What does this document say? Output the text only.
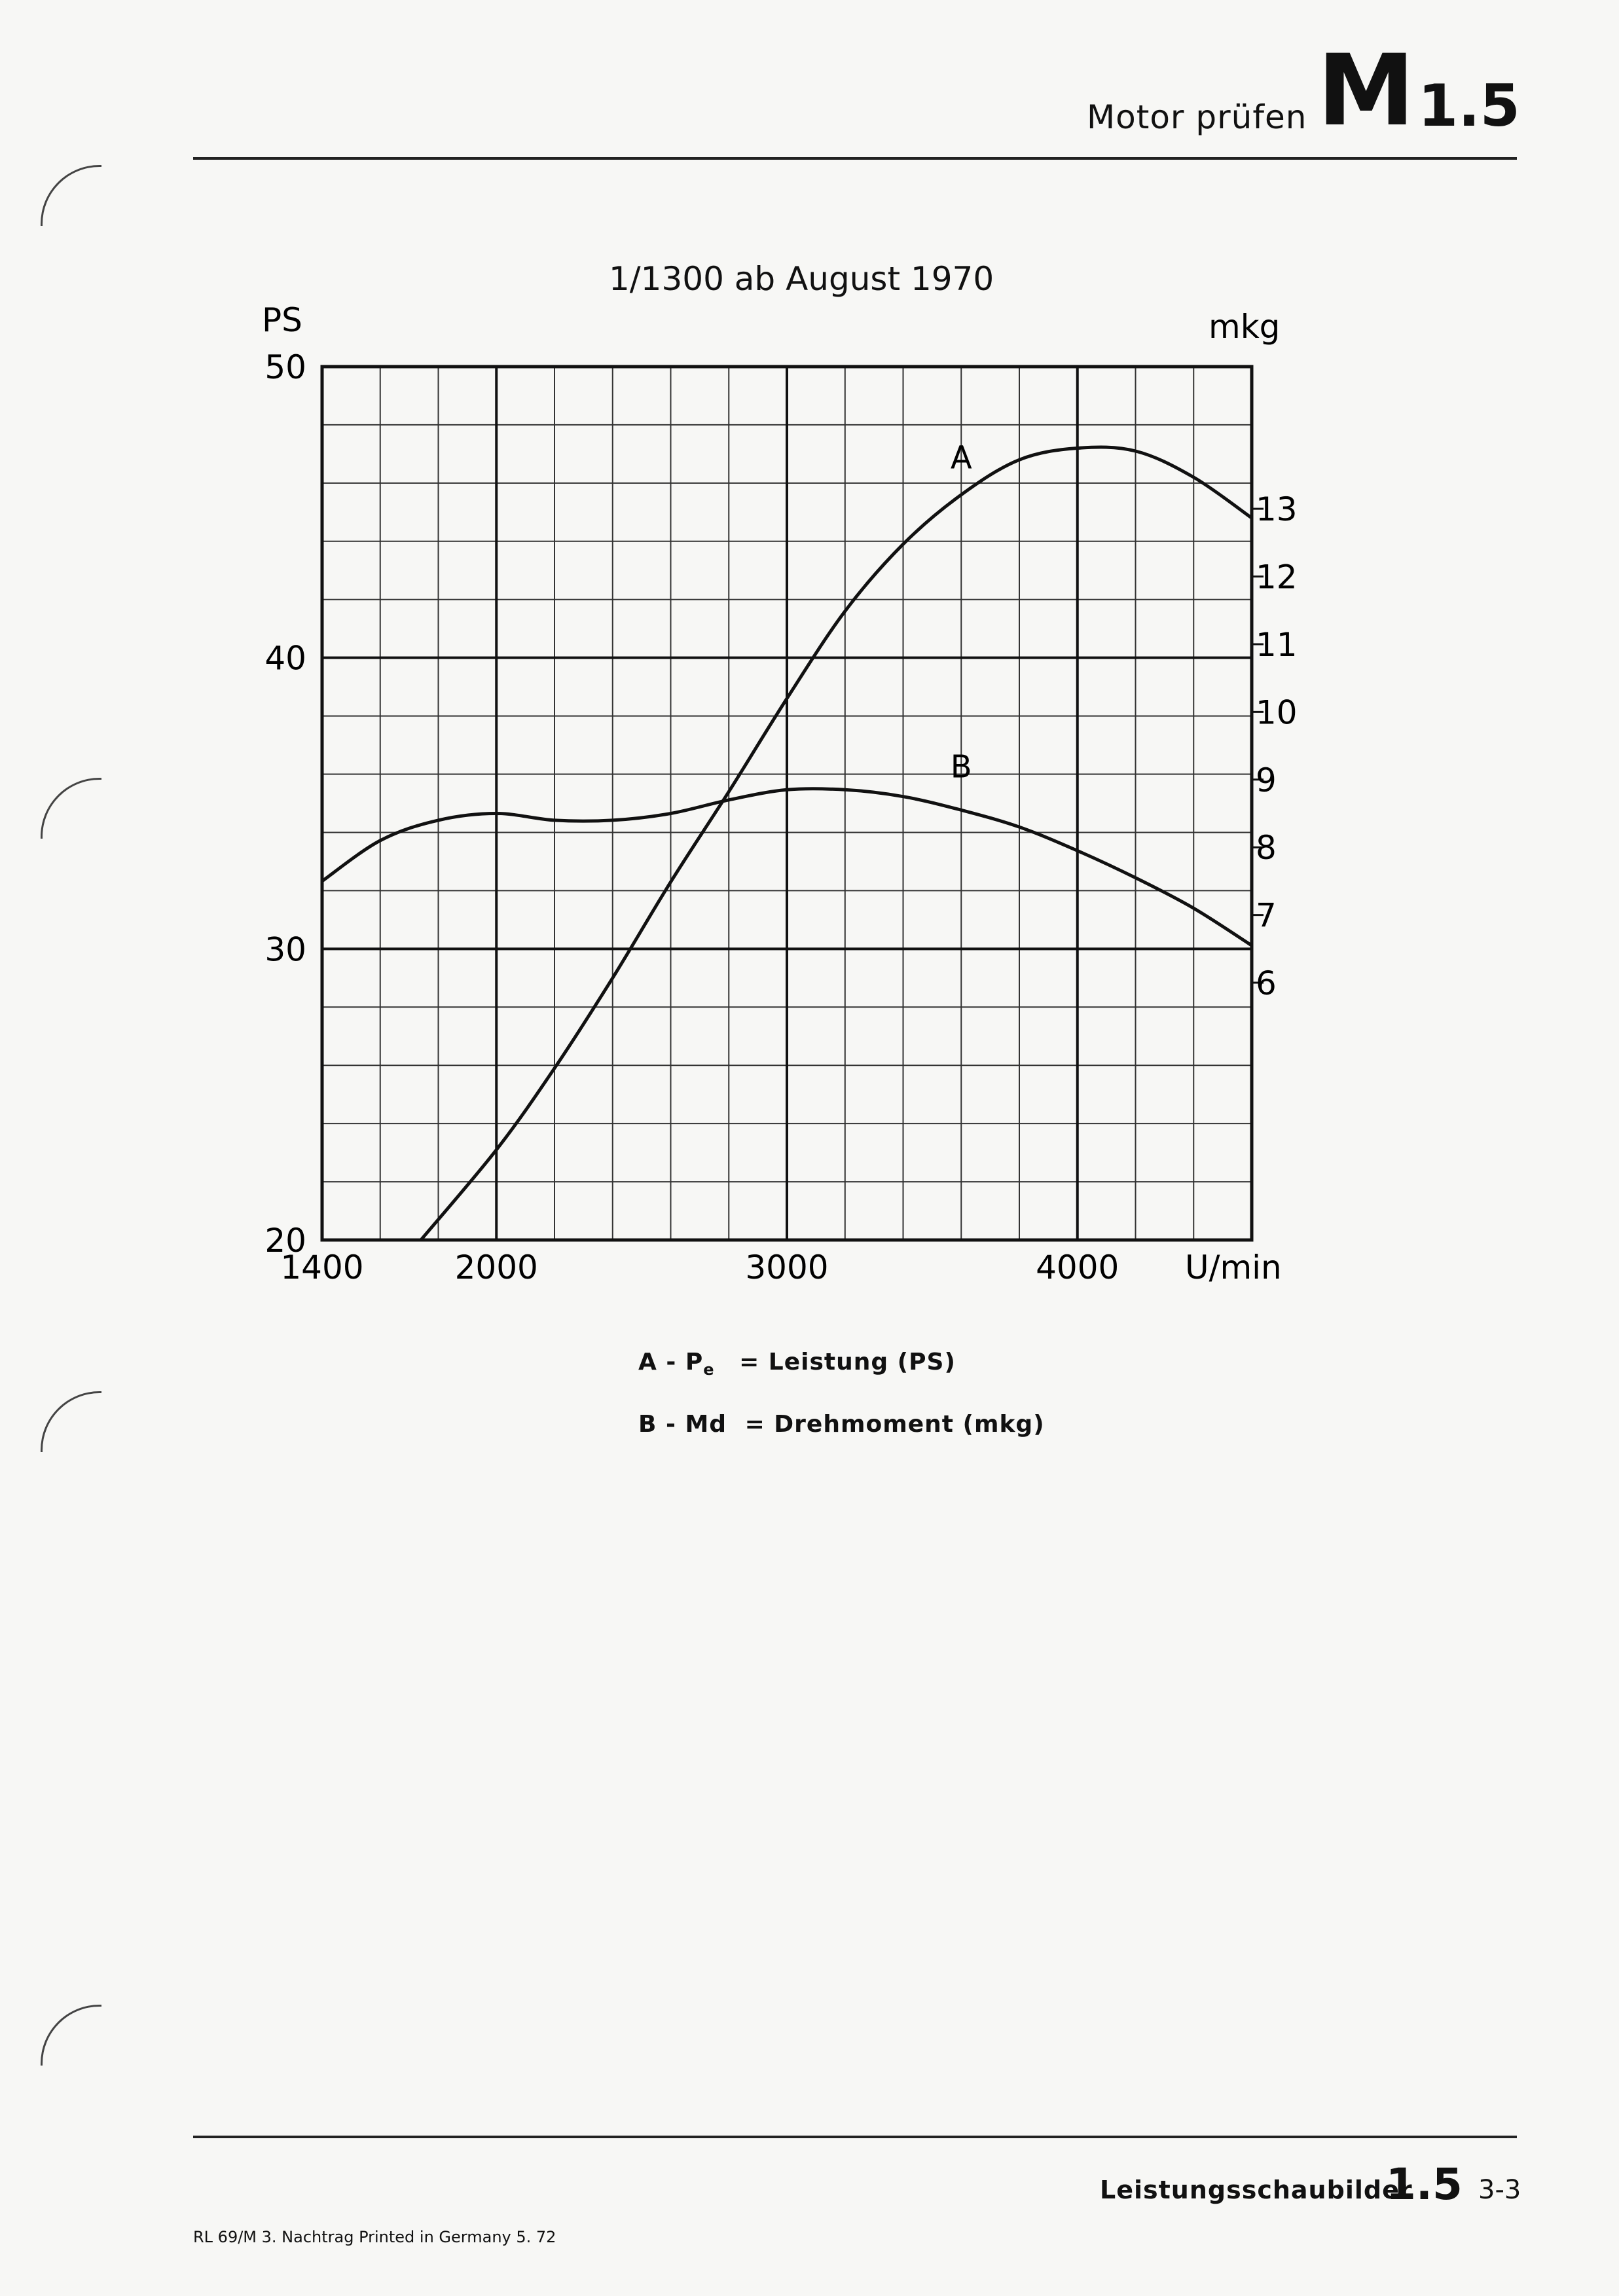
Motor prüfen M 1.5
1/1300 ab August 1970
20
30
40
50
6
7
8
9
10
11
12
13
1400	2000	3000	4000
PS	mkg
U/min
A
B
A - $P_e$ = Leistung (PS)
B - Md = Drehmoment (mkg)
Leistungsschaubilder
1.5 3-3
RL 69/M 3. Nachtrag Printed in Germany 5. 72
